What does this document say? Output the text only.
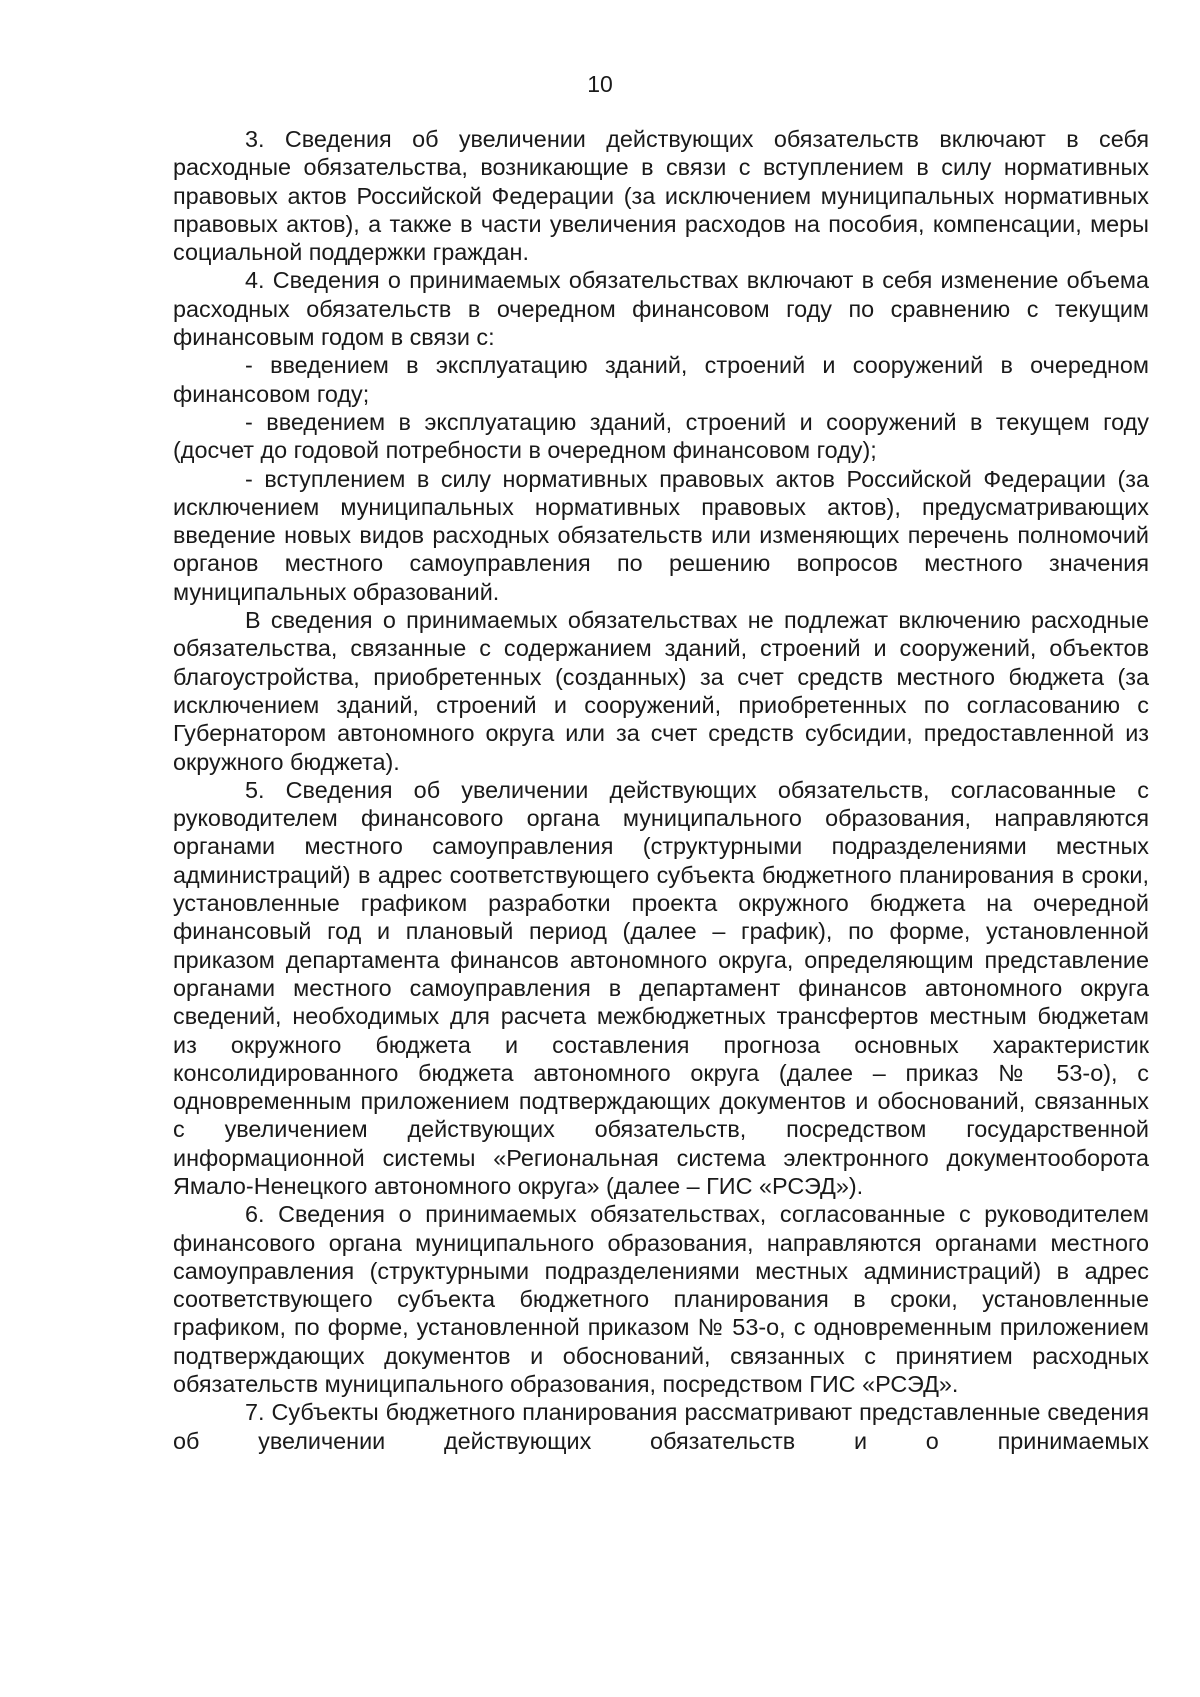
10

3. Сведения об увеличении действующих обязательств включают в себя расходные обязательства, возникающие в связи с вступлением в силу нормативных правовых актов Российской Федерации (за исключением муниципальных нормативных правовых актов), а также в части увеличения расходов на пособия, компенсации, меры социальной поддержки граждан.

4. Сведения о принимаемых обязательствах включают в себя изменение объема расходных обязательств в очередном финансовом году по сравнению с текущим финансовым годом в связи с:

- введением в эксплуатацию зданий, строений и сооружений в очередном финансовом году;

- введением в эксплуатацию зданий, строений и сооружений в текущем году (досчет до годовой потребности в очередном финансовом году);

- вступлением в силу нормативных правовых актов Российской Федерации (за исключением муниципальных нормативных правовых актов), предусматривающих введение новых видов расходных обязательств или изменяющих перечень полномочий органов местного самоуправления по решению вопросов местного значения муниципальных образований.

В сведения о принимаемых обязательствах не подлежат включению расходные обязательства, связанные с содержанием зданий, строений и сооружений, объектов благоустройства, приобретенных (созданных) за счет средств местного бюджета (за исключением зданий, строений и сооружений, приобретенных по согласованию с Губернатором автономного округа или за счет средств субсидии, предоставленной из окружного бюджета).

5. Сведения об увеличении действующих обязательств, согласованные с руководителем финансового органа муниципального образования, направляются органами местного самоуправления (структурными подразделениями местных администраций) в адрес соответствующего субъекта бюджетного планирования в сроки, установленные графиком разработки проекта окружного бюджета на очередной финансовый год и плановый период (далее – график), по форме, установленной приказом департамента финансов автономного округа, определяющим представление органами местного самоуправления в департамент финансов автономного округа сведений, необходимых для расчета межбюджетных трансфертов местным бюджетам из окружного бюджета и составления прогноза основных характеристик консолидированного бюджета автономного округа (далее – приказ № 53-о), с одновременным приложением подтверждающих документов и обоснований, связанных с увеличением действующих обязательств, посредством государственной информационной системы «Региональная система электронного документооборота Ямало-Ненецкого автономного округа» (далее – ГИС «РСЭД»).

6. Сведения о принимаемых обязательствах, согласованные с руководителем финансового органа муниципального образования, направляются органами местного самоуправления (структурными подразделениями местных администраций) в адрес соответствующего субъекта бюджетного планирования в сроки, установленные графиком, по форме, установленной приказом № 53-о, с одновременным приложением подтверждающих документов и обоснований, связанных с принятием расходных обязательств муниципального образования, посредством ГИС «РСЭД».

7. Субъекты бюджетного планирования рассматривают представленные сведения об увеличении действующих обязательств и о принимаемых
